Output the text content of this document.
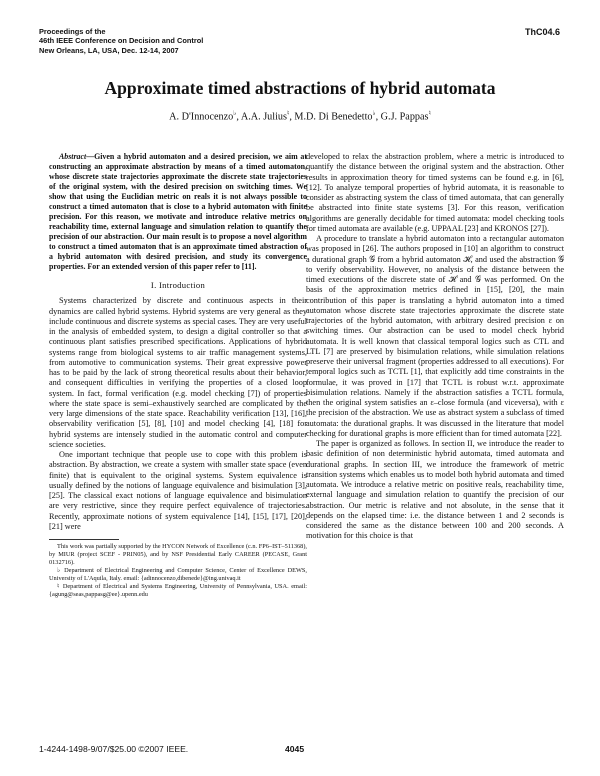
Proceedings of the
46th IEEE Conference on Decision and Control
New Orleans, LA, USA, Dec. 12-14, 2007
ThC04.6
Approximate timed abstractions of hybrid automata
A. D'Innocenzo♭, A.A. Julius♮, M.D. Di Benedetto♭, G.J. Pappas♮

Abstract—Given a hybrid automaton and a desired precision, we aim at constructing an approximate abstraction by means of a timed automaton, whose discrete state trajectories approximate the discrete state trajectories of the original system, with the desired precision on switching times. We show that using the Euclidian metric on reals it is not always possible to construct a timed automaton that is close to a hybrid automaton with finite precision. For this reason, we motivate and introduce relative metrics on reachability time, external language and simulation relation to quantify the precision of our abstraction. Our main result is to propose a novel algorithm to construct a timed automaton that is an approximate timed abstraction of a hybrid automaton with desired precision, and study its convergence properties. For an extended version of this paper refer to [11].

I. Introduction

Systems characterized by discrete and continuous aspects in their dynamics are called hybrid systems. Hybrid systems are very general as they include continuous and discrete systems as special cases. They are very useful in the analysis of embedded system, to design a digital controller so that a continuous plant satisfies prescribed specifications. Applications of hybrid systems range from biological systems to air traffic management systems, from automotive to communication systems. Their great expressive power has to be paid by the lack of strong theoretical results about their behavior, and consequent difficulties in verifying the properties of a closed loop system. In fact, formal verification (e.g. model checking [7]) of properties where the state space is semi–exhaustively searched are complicated by the very large dimensions of the state space. Reachability verification [13], [16], observability verification [5], [8], [10] and model checking [4], [18] for hybrid systems are intensely studied in the automatic control and computer science societies.

One important technique that people use to cope with this problem is abstraction. By abstraction, we create a system with smaller state space (even finite) that is equivalent to the original systems. System equivalence is usually defined by the notions of language equivalence and bisimulation [3], [25]. The classical exact notions of language equivalence and bisimulation are very restrictive, since they require perfect equivalence of trajectories. Recently, approximate notions of system equivalence [14], [15], [17], [20], [21] were

This work was partially supported by the HYCON Network of Excellence (c.n. FP6–IST–511368), by MIUR (project SCEF - PRIN05), and by NSF Presidential Early CAREER (PECASE, Grant 0132716).

♭ Department of Electrical Engineering and Computer Science, Center of Excellence DEWS, University of L'Aquila, Italy. email: {adinnocenzo,dibenede}@ing.univaq.it

♮ Department of Electrical and Systems Engineering, University of Pennsylvania, USA. email: {agung@seas,pappasg@ee}.upenn.edu

developed to relax the abstraction problem, where a metric is introduced to quantify the distance between the original system and the abstraction. Other results in approximation theory for timed systems can be found e.g. in [6], [12]. To analyze temporal properties of hybrid automata, it is reasonable to consider as abstracting system the class of timed automata, that can generally be abstracted into finite state systems [3]. For this reason, verification algorithms are generally decidable for timed automata: model checking tools for timed automata are available (e.g. UPPAAL [23] and KRONOS [27]).

A procedure to translate a hybrid automaton into a rectangular automaton was proposed in [26]. The authors proposed in [10] an algorithm to construct a durational graph 𝒢 from a hybrid automaton ℋ, and used the abstraction 𝒢 to verify observability. However, no analysis of the distance between the timed executions of the discrete state of ℋ and 𝒢 was performed. On the basis of the approximation metrics defined in [15], [20], the main contribution of this paper is translating a hybrid automaton into a timed automaton whose discrete state trajectories approximate the discrete state trajectories of the hybrid automaton, with arbitrary desired precision ε on switching times. Our abstraction can be used to model check hybrid automata. It is well known that classical temporal logics such as CTL and LTL [7] are preserved by bisimulation relations, while simulation relations preserve their universal fragment (properties addressed to all executions). For temporal logics such as TCTL [1], that explicitly add time constraints in the formulae, it was proved in [17] that TCTL is robust w.r.t. approximate bisimulation relations. Namely if the abstraction satisfies a TCTL formula, then the original system satisfies an ε–close formula (and viceversa), with ε the precision of the abstraction. We use as abstract system a subclass of timed automata: the durational graphs. It was discussed in the literature that model checking for durational graphs is more efficient than for timed automata [22].

The paper is organized as follows. In section II, we introduce the reader to basic definition of non deterministic hybrid automata, timed automata and durational graphs. In section III, we introduce the framework of metric transition systems which enables us to model both hybrid automata and timed automata. We introduce a relative metric on positive reals, reachability time, external language and simulation relation to quantify the precision of our abstraction. Our metric is relative and not absolute, in the sense that it depends on the elapsed time: i.e. the distance between 1 and 2 seconds is considered the same as the distance between 100 and 200 seconds. A motivation for this choice is that

1-4244-1498-9/07/$25.00 ©2007 IEEE.	4045
